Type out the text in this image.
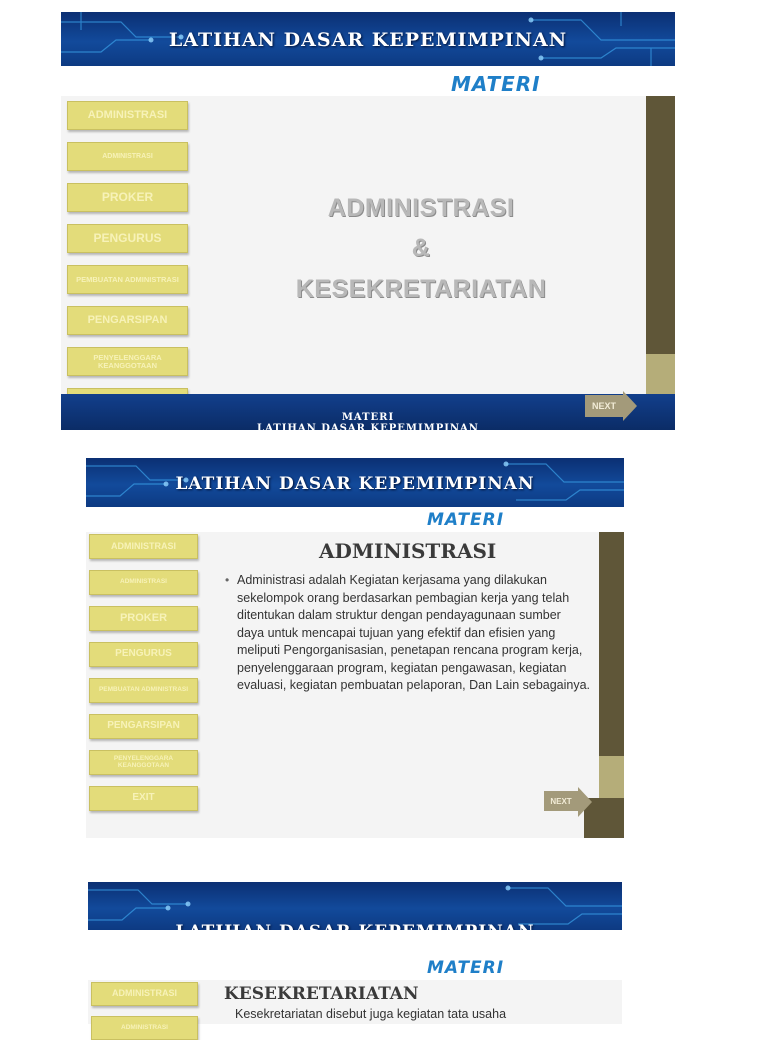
LATIHAN DASAR KEPEMIMPINAN
MATERI
ADMINISTRASI
ADMINISTRASI
PROKER
PENGURUS
PEMBUATAN ADMINISTRASI
PENGARSIPAN
PENYELENGGARA KEANGGOTAAN
ADMINISTRASI
&
KESEKRETARIATAN
MATERI
LATIHAN DASAR KEPEMIMPINAN
NEXT
LATIHAN DASAR KEPEMIMPINAN
MATERI
ADMINISTRASI
ADMINISTRASI
PROKER
PENGURUS
PEMBUATAN ADMINISTRASI
PENGARSIPAN
PENYELENGGARA KEANGGOTAAN
EXIT
ADMINISTRASI
• Administrasi adalah Kegiatan kerjasama yang dilakukan sekelompok orang berdasarkan pembagian kerja yang telah ditentukan dalam struktur dengan pendayagunaan sumber daya untuk mencapai tujuan yang efektif dan efisien yang meliputi Pengorganisasian, penetapan rencana program kerja, penyelenggaraan program, kegiatan pengawasan, kegiatan evaluasi, kegiatan pembuatan pelaporan, Dan Lain sebagainya.
NEXT
MATERI
ADMINISTRASI
ADMINISTRASI
KESEKRETARIATAN
Kesekretariatan disebut juga kegiatan tata usaha
